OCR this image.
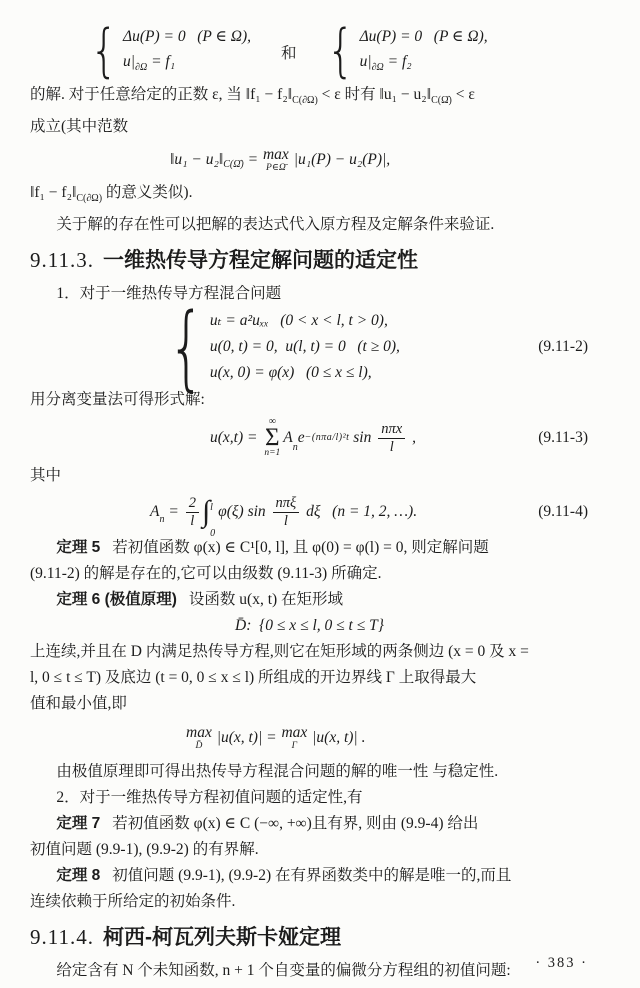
{ Δu(P) = 0   (P ∈ Ω),
$u|_{\partial\Omega} = f_1$	和 { Δu(P) = 0   (P ∈ Ω),
$u|_{\partial\Omega} = f_2$
的解. 对于任意给定的正数 ε, 当 ‖f₁ − $f_2‖_{C(\partial\Omega)} < \varepsilon$ 时有 ‖u₁ − $u_2‖_{C(\Omegā)} < \varepsilon$
成立(其中范数
‖u₁ − u₂‖ C(Ω̄) = max
P∈Ω̄ |u₁(P) − u₂(P)|,
‖f₁ − $f_2‖_{C(\partial\Omega)}$ 的意义类似).
关于解的存在性可以把解的表达式代入原方程及定解条件来验证.
9.11.3. 一维热传导方程定解问题的适定性
1．对于一维热传导方程混合问题
{ uₜ = a²uₓₓ   (0 < x < l, t > 0),
u(0, t) = 0,  u(l, t) = 0   (t ≥ 0),
u(x, 0) = φ(x)   (0 ≤ x ≤ l),
(9.11-2)
用分离变量法可得形式解:
u(x,t) =
∞
Σ
n=1
A
n
e −(nπa/l)²t $\sin \frac{\text{nπx}}{l}$ ,	(9.11-3)
其中
A $n = \frac{2}{l}$ ∫ l
0
φ(ξ) $\sin \frac{\text{nπξ}}{l}$ dξ   (n = 1, 2, …).	(9.11-4)
定理 5 若初值函数 φ(x) ∈ C¹[0, l], 且 φ(0) = φ(l) = 0, 则定解问题
(9.11-2) 的解是存在的,它可以由级数 (9.11-3) 所确定.
定理 6 (极值原理) 设函数 u(x, t) 在矩形域
D̄:  {0 ≤ x ≤ l, 0 ≤ t ≤ T}
上连续,并且在 D 内满足热传导方程,则它在矩形域的两条侧边 (x = 0 及 x =
l, 0 ≤ t ≤ T) 及底边 (t = 0, 0 ≤ x ≤ l) 所组成的开边界线 Γ 上取得最大
值和最小值,即
max
D̄ |u(x, t)| = max
Γ |u(x, t)| .
由极值原理即可得出热传导方程混合问题的解的唯一性 与稳定性.
2．对于一维热传导方程初值问题的适定性,有
定理 7 若初值函数 φ(x) ∈ C (−∞, +∞)且有界, 则由 (9.9-4) 给出
初值问题 (9.9-1), (9.9-2) 的有界解.
定理 8 初值问题 (9.9-1), (9.9-2) 在有界函数类中的解是唯一的,而且
连续依赖于所给定的初始条件.
9.11.4. 柯西-柯瓦列夫斯卡娅定理
给定含有 N 个未知函数, n + 1 个自变量的偏微分方程组的初值问题:	· 383 ·
